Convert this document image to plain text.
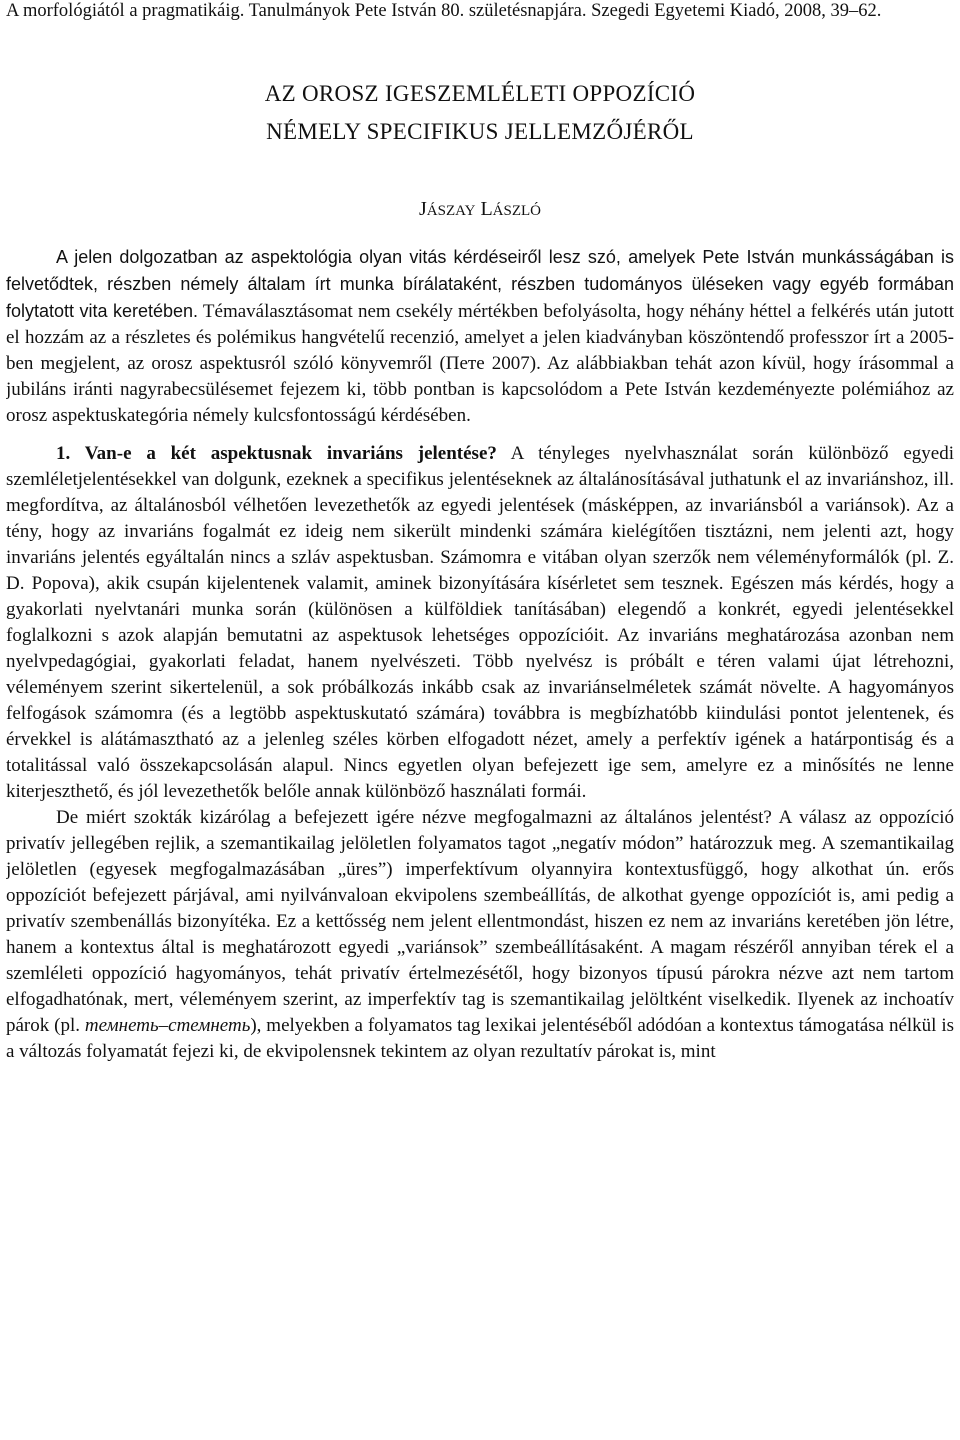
A morfológiától a pragmatikáig. Tanulmányok Pete István 80. születésnapjára. Szegedi Egyetemi Kiadó, 2008, 39–62.

AZ OROSZ IGESZEMLÉLETI OPPOZÍCIÓ
NÉMELY SPECIFIKUS JELLEMZŐJÉRŐL
JÁSZAY LÁSZLÓ

A jelen dolgozatban az aspektológia olyan vitás kérdéseiről lesz szó, amelyek Pete István munkásságában is felvetődtek, részben némely általam írt munka bírálataként, részben tudományos üléseken vagy egyéb formában folytatott vita keretében. Témaválasztásomat nem csekély mértékben befolyásolta, hogy néhány héttel a felkérés után jutott el hozzám az a részletes és polémikus hangvételű recenzió, amelyet a jelen kiadványban köszöntendő professzor írt a 2005-ben megjelent, az orosz aspektusról szóló könyvemről (Пете 2007). Az alábbiakban tehát azon kívül, hogy írásommal a jubiláns iránti nagyrabecsülésemet fejezem ki, több pontban is kapcsolódom a Pete István kezdeményezte polémiához az orosz aspektuskategória némely kulcsfontosságú kérdésében.

1. Van-e a két aspektusnak invariáns jelentése? A tényleges nyelvhasználat során különböző egyedi szemléletjelentésekkel van dolgunk, ezeknek a specifikus jelentéseknek az általánosításával juthatunk el az invariánshoz, ill. megfordítva, az általánosból vélhetően levezethetők az egyedi jelentések (másképpen, az invariánsból a variánsok). Az a tény, hogy az invariáns fogalmát ez ideig nem sikerült mindenki számára kielégítően tisztázni, nem jelenti azt, hogy invariáns jelentés egyáltalán nincs a szláv aspektusban. Számomra e vitában olyan szerzők nem véleményformálók (pl. Z. D. Popova), akik csupán kijelentenek valamit, aminek bizonyítására kísérletet sem tesznek. Egészen más kérdés, hogy a gyakorlati nyelvtanári munka során (különösen a külföldiek tanításában) elegendő a konkrét, egyedi jelentésekkel foglalkozni s azok alapján bemutatni az aspektusok lehetséges oppozícióit. Az invariáns meghatározása azonban nem nyelvpedagógiai, gyakorlati feladat, hanem nyelvészeti. Több nyelvész is próbált e téren valami újat létrehozni, véleményem szerint sikertelenül, a sok próbálkozás inkább csak az invariánselméletek számát növelte. A hagyományos felfogások számomra (és a legtöbb aspektuskutató számára) továbbra is megbízhatóbb kiindulási pontot jelentenek, és érvekkel is alátámasztható az a jelenleg széles körben elfogadott nézet, amely a perfektív igének a határpontiság és a totalitással való összekapcsolásán alapul. Nincs egyetlen olyan befejezett ige sem, amelyre ez a minősítés ne lenne kiterjeszthető, és jól levezethetők belőle annak különböző használati formái.

De miért szokták kizárólag a befejezett igére nézve megfogalmazni az általános jelentést? A válasz az oppozíció privatív jellegében rejlik, a szemantikailag jelöletlen folyamatos tagot „negatív módon” határozzuk meg. A szemantikailag jelöletlen (egyesek megfogalmazásában „üres”) imperfektívum olyannyira kontextusfüggő, hogy alkothat ún. erős oppozíciót befejezett párjával, ami nyilvánvaloan ekvipolens szembeállítás, de alkothat gyenge oppozíciót is, ami pedig a privatív szembenállás bizonyítéka. Ez a kettősség nem jelent ellentmondást, hiszen ez nem az invariáns keretében jön létre, hanem a kontextus által is meghatározott egyedi „variánsok” szembeállításaként. A magam részéről annyiban térek el a szemléleti oppozíció hagyományos, tehát privatív értelmezésétől, hogy bizonyos típusú párokra nézve azt nem tartom elfogadhatónak, mert, véleményem szerint, az imperfektív tag is szemantikailag jelöltként viselkedik. Ilyenek az inchoatív párok (pl. темнеть–стемнеть), melyekben a folyamatos tag lexikai jelentéséből adódóan a kontextus támogatása nélkül is a változás folyamatát fejezi ki, de ekvipolensnek tekintem az olyan rezultatív párokat is, mint
